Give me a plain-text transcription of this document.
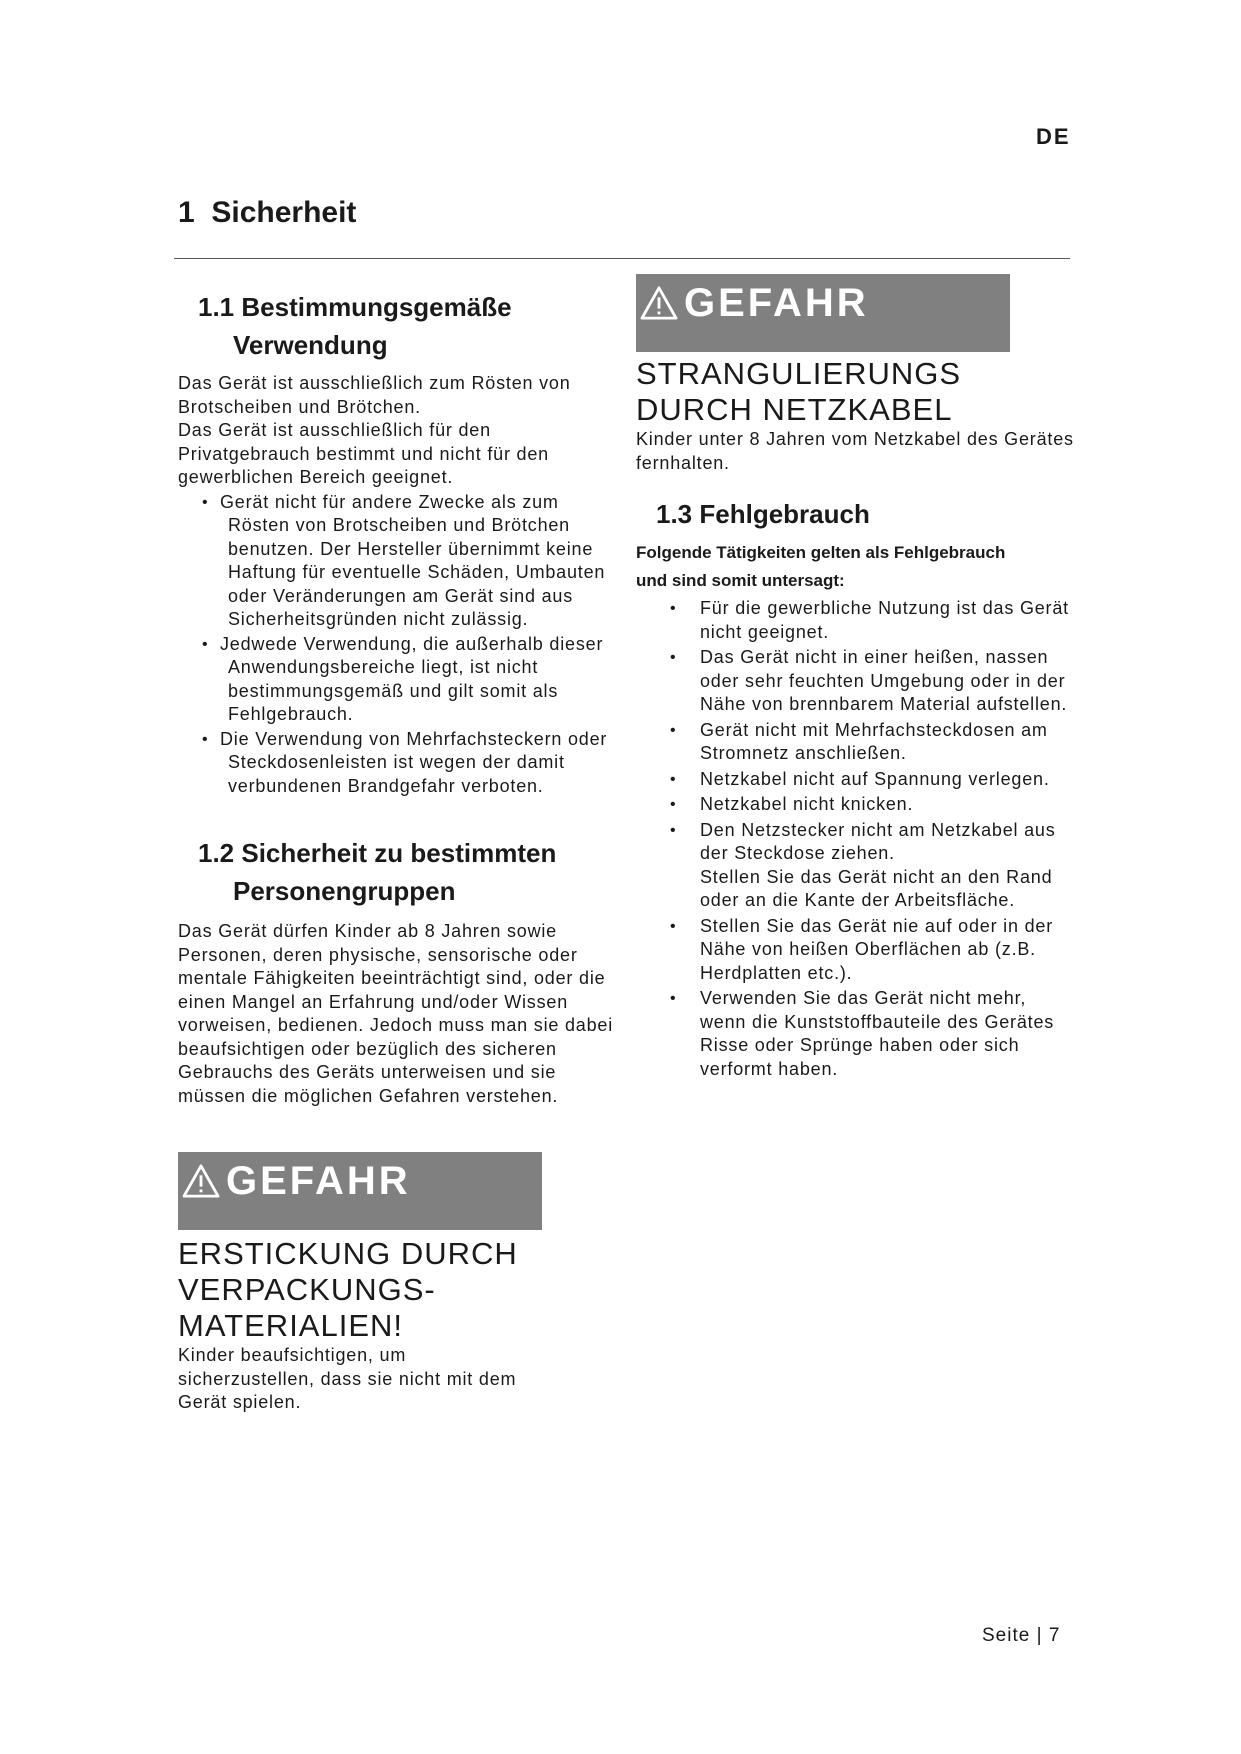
DE
1 Sicherheit
1.1 Bestimmungsgemäße
Verwendung

Das Gerät ist ausschließlich zum Rösten von Brotscheiben und Brötchen.

Das Gerät ist ausschließlich für den Privatgebrauch bestimmt und nicht für den gewerblichen Bereich geeignet.

• Gerät nicht für andere Zwecke als zum Rösten von Brotscheiben und Brötchen benutzen. Der Hersteller übernimmt keine Haftung für eventuelle Schäden, Umbauten oder Veränderungen am Gerät sind aus Sicherheitsgründen nicht zulässig.
• Jedwede Verwendung, die außerhalb dieser Anwendungsbereiche liegt, ist nicht bestimmungsgemäß und gilt somit als Fehlgebrauch.
• Die Verwendung von Mehrfachsteckern oder Steckdosenleisten ist wegen der damit verbundenen Brandgefahr verboten.
1.2 Sicherheit zu bestimmten
Personengruppen

Das Gerät dürfen Kinder ab 8 Jahren sowie Personen, deren physische, sensorische oder mentale Fähigkeiten beeinträchtigt sind, oder die einen Mangel an Erfahrung und/oder Wissen vorweisen, bedienen. Jedoch muss man sie dabei beaufsichtigen oder bezüglich des sicheren Gebrauchs des Geräts unterweisen und sie müssen die möglichen Gefahren verstehen.

GEFAHR
ERSTICKUNG DURCH
VERPACKUNGS-
MATERIALIEN!

Kinder beaufsichtigen, um sicherzustellen, dass sie nicht mit dem Gerät spielen.

GEFAHR
STRANGULIERUNGS
DURCH NETZKABEL

Kinder unter 8 Jahren vom Netzkabel des Gerätes fernhalten.

1.3 Fehlgebrauch
Folgende Tätigkeiten gelten als Fehlgebrauch
und sind somit untersagt:
• Für die gewerbliche Nutzung ist das Gerät nicht geeignet.
• Das Gerät nicht in einer heißen, nassen oder sehr feuchten Umgebung oder in der Nähe von brennbarem Material aufstellen.
• Gerät nicht mit Mehrfachsteckdosen am Stromnetz anschließen.
• Netzkabel nicht auf Spannung verlegen.
• Netzkabel nicht knicken.
• Den Netzstecker nicht am Netzkabel aus der Steckdose ziehen.
Stellen Sie das Gerät nicht an den Rand oder an die Kante der Arbeitsfläche.
• Stellen Sie das Gerät nie auf oder in der Nähe von heißen Oberflächen ab (z.B. Herdplatten etc.).
• Verwenden Sie das Gerät nicht mehr, wenn die Kunststoffbauteile des Gerätes Risse oder Sprünge haben oder sich verformt haben.
Seite | 7
